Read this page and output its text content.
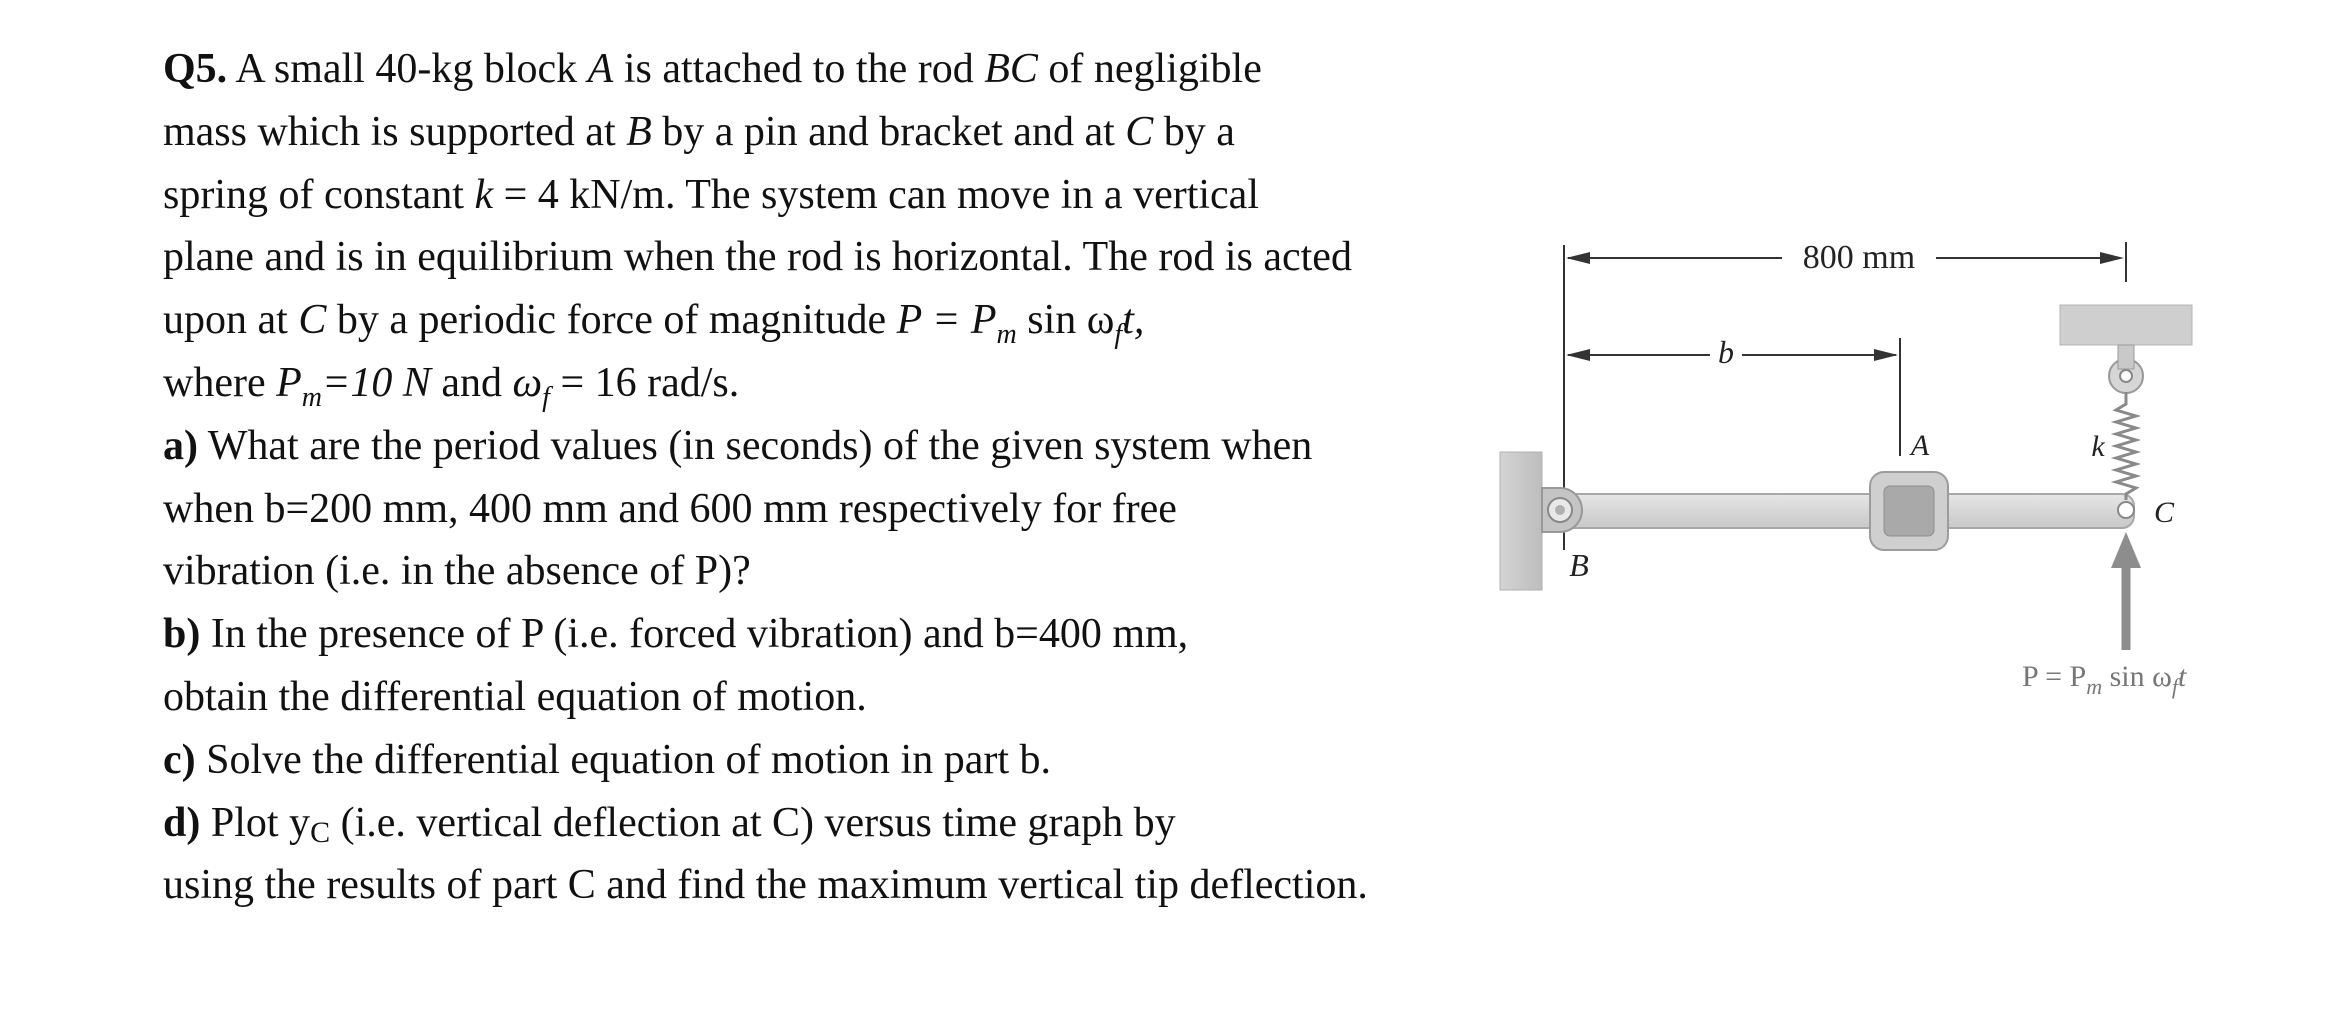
Q5. A small 40-kg block A is attached to the rod BC of negligible
mass which is supported at B by a pin and bracket and at C by a
spring of constant k = 4 kN/m. The system can move in a vertical
plane and is in equilibrium when the rod is horizontal. The rod is acted
upon at C by a periodic force of magnitude $P = P_m$ $\sin \omega_ft$,
where $P_m=10$ N and $\omega_f = 16$ rad/s.
a) What are the period values (in seconds) of the given system when
when b=200 mm, 400 mm and 600 mm respectively for free
vibration (i.e. in the absence of P)?
b) In the presence of P (i.e. forced vibration) and b=400 mm,
obtain the differential equation of motion.
c) Solve the differential equation of motion in part b.
d) Plot $y_C$ (i.e. vertical deflection at C) versus time graph by
using the results of part C and find the maximum vertical tip deflection.
800 mm
b
B
A	k
C
$P = P_m$ $\sin \omega_ft$
